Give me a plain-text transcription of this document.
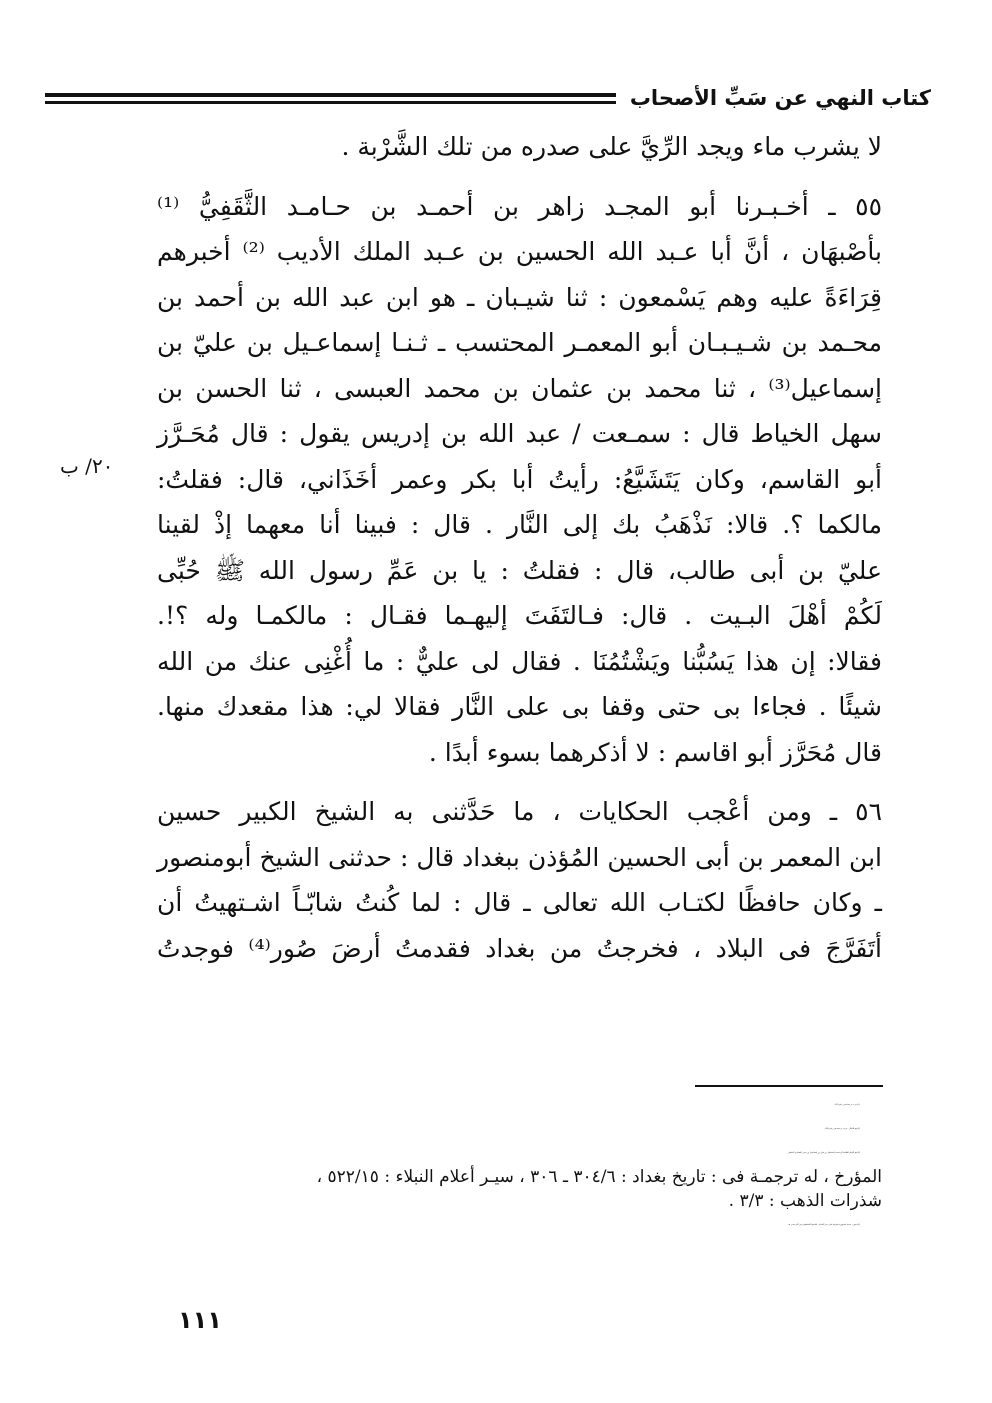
كتاب النهي عن سَبِّ الأصحاب
لا يشرب ماء ويجد الرِّيَّ على صدره من تلك الشَّرْبة .
٥٥ ـ أخـبـرنا أبو المجـد زاهر بن أحمـد بن حـامـد الثَّقَفِيُّ ⁽¹⁾
بأصْبهَان ، أنَّ أبا عـبد الله الحسين بن عـبد الملك الأديب ⁽²⁾ أخبرهم
قِرَاءَةً عليه وهم يَسْمعون : ثنا شيـبان ـ هو ابن عبد الله بن أحمد بن
محـمد بن شـيـبـان أبو المعمـر المحتسب ـ ثـنـا إسماعـيل بن عليّ بن
إسماعيل⁽³⁾ ، ثنا محمد بن عثمان بن محمد العبسى ، ثنا الحسن بن
سهل الخياط قال : سمـعت / عبد الله بن إدريس يقول : قال مُحَـرَّز
أبو القاسم، وكان يَتَشَيَّعُ: رأيتُ أبا بكر وعمر أخَذَاني، قال: فقلتُ:
مالكما ؟. قالا: نَذْهَبُ بك إلى النَّار . قال : فبينا أنا معهما إذْ لقينا
عليّ بن أبى طالب، قال : فقلتُ : يا بن عَمِّ رسول الله ﷺ حُبِّى
لَكُمْ أهْلَ البـيت . قال: فـالتَفَتَ إليهـما فقـال : مالكمـا وله ؟!.
فقالا: إن هذا يَسُبُّنا ويَشْتُمُنَا . فقال لى عليٌّ : ما أُغْنِى عنك من الله
شيئًا . فجاءا بى حتى وقفا بى على النَّار فقالا لي: هذا مقعدك منها.
قال مُحَرَّز أبو اقاسم : لا أذكرهما بسوء أبدًا .
٥٦ ـ ومن أعْجب الحكايات ، ما حَدَّثنى به الشيخ الكبير حسين
ابن المعمر بن أبى الحسين المُؤذن ببغداد قال : حدثنى الشيخ أبومنصور
ـ وكان حافظًا لكتـاب الله تعالى ـ قال : لما كُنتُ شابّـاً اشـتهيتُ أن
أتَفَرَّجَ فى البلاد ، فخرجتُ من بغداد فقدمتُ أرضَ صُور⁽⁴⁾ فوجدتُ
٢٠/ ب
(١) مرت ترجمته فى رقم (٢٣) .
(٢) هو الخلال ، مرت ترجمته فى رقم (٢٣) .
(٣) هو الإمام العلامة أبو محمد إسماعيل بن على بن إسماعيل بن يحيى البغدادى الخطيى
المؤرخ ، له ترجمـة فى : تاريخ بغداد : ٣٠٤/٦ ـ ٣٠٦ ، سيـر أعلام النبلاء : ٥٢٢/١٥ ،
شذرات الذهب : ٣/٣ .
(٤) صور : مدينة مشهورة مشرفة على بحر الشـام ، افتتحها المسلمون فى أيام عمـر =
١١١
